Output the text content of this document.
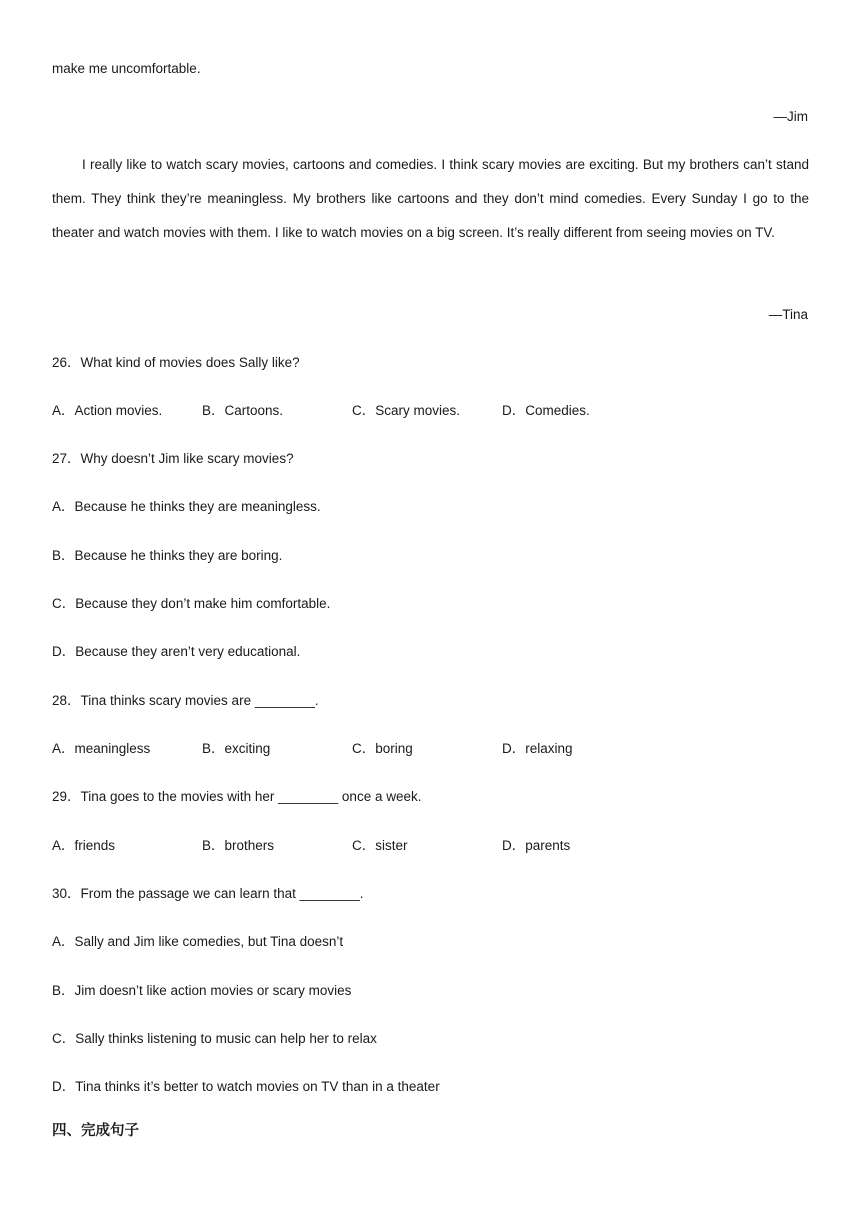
make me uncomfortable.
—Jim
I really like to watch scary movies, cartoons and comedies. I think scary movies are exciting. But my brothers can’t stand them. They think they’re meaningless. My brothers like cartoons and they don’t mind comedies. Every Sunday I go to the theater and watch movies with them. I like to watch movies on a big screen. It’s really different from seeing movies on TV.
—Tina
26．What kind of movies does Sally like?
A．Action movies.	B．Cartoons.	C．Scary movies.	D．Comedies.
27．Why doesn’t Jim like scary movies?
A．Because he thinks they are meaningless.
B．Because he thinks they are boring.
C．Because they don’t make him comfortable.
D．Because they aren’t very educational.
28．Tina thinks scary movies are ________.
A．meaningless	B．exciting	C．boring	D．relaxing
29．Tina goes to the movies with her ________ once a week.
A．friends	B．brothers	C．sister	D．parents
30．From the passage we can learn that ________.
A．Sally and Jim like comedies, but Tina doesn’t
B．Jim doesn’t like action movies or scary movies
C．Sally thinks listening to music can help her to relax
D．Tina thinks it’s better to watch movies on TV than in a theater
四、完成句子
